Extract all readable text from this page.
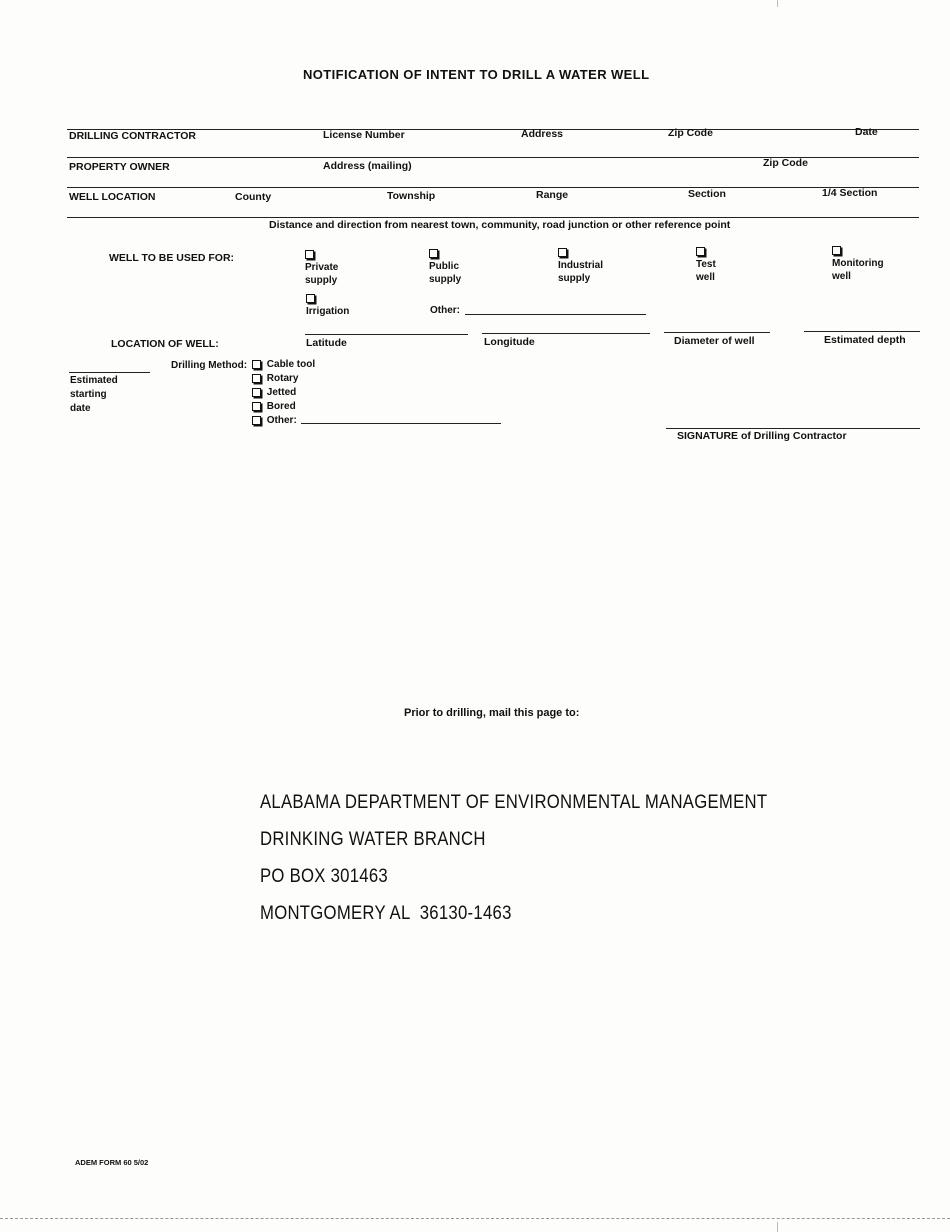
NOTIFICATION OF INTENT TO DRILL A WATER WELL
DRILLING CONTRACTOR	License Number	Address	Zip Code	Date
PROPERTY OWNER	Address (mailing)	Zip Code
WELL LOCATION	County	Township	Range	Section	1/4 Section
Distance and direction from nearest town, community, road junction or other reference point
WELL TO BE USED FOR:

Private
supply

Public
supply

Industrial
supply

Test
well

Monitoring
well

Irrigation	Other:
LOCATION OF WELL:	Latitude	Longitude	Diameter of well	Estimated depth
Estimated
starting
date
Drilling Method:	Cable tool
Rotary
Jetted
Bored
Other:
SIGNATURE of Drilling Contractor
Prior to drilling, mail this page to:
ALABAMA DEPARTMENT OF ENVIRONMENTAL MANAGEMENT
DRINKING WATER BRANCH
PO BOX 301463
MONTGOMERY AL  36130-1463
ADEM FORM 60 5/02
